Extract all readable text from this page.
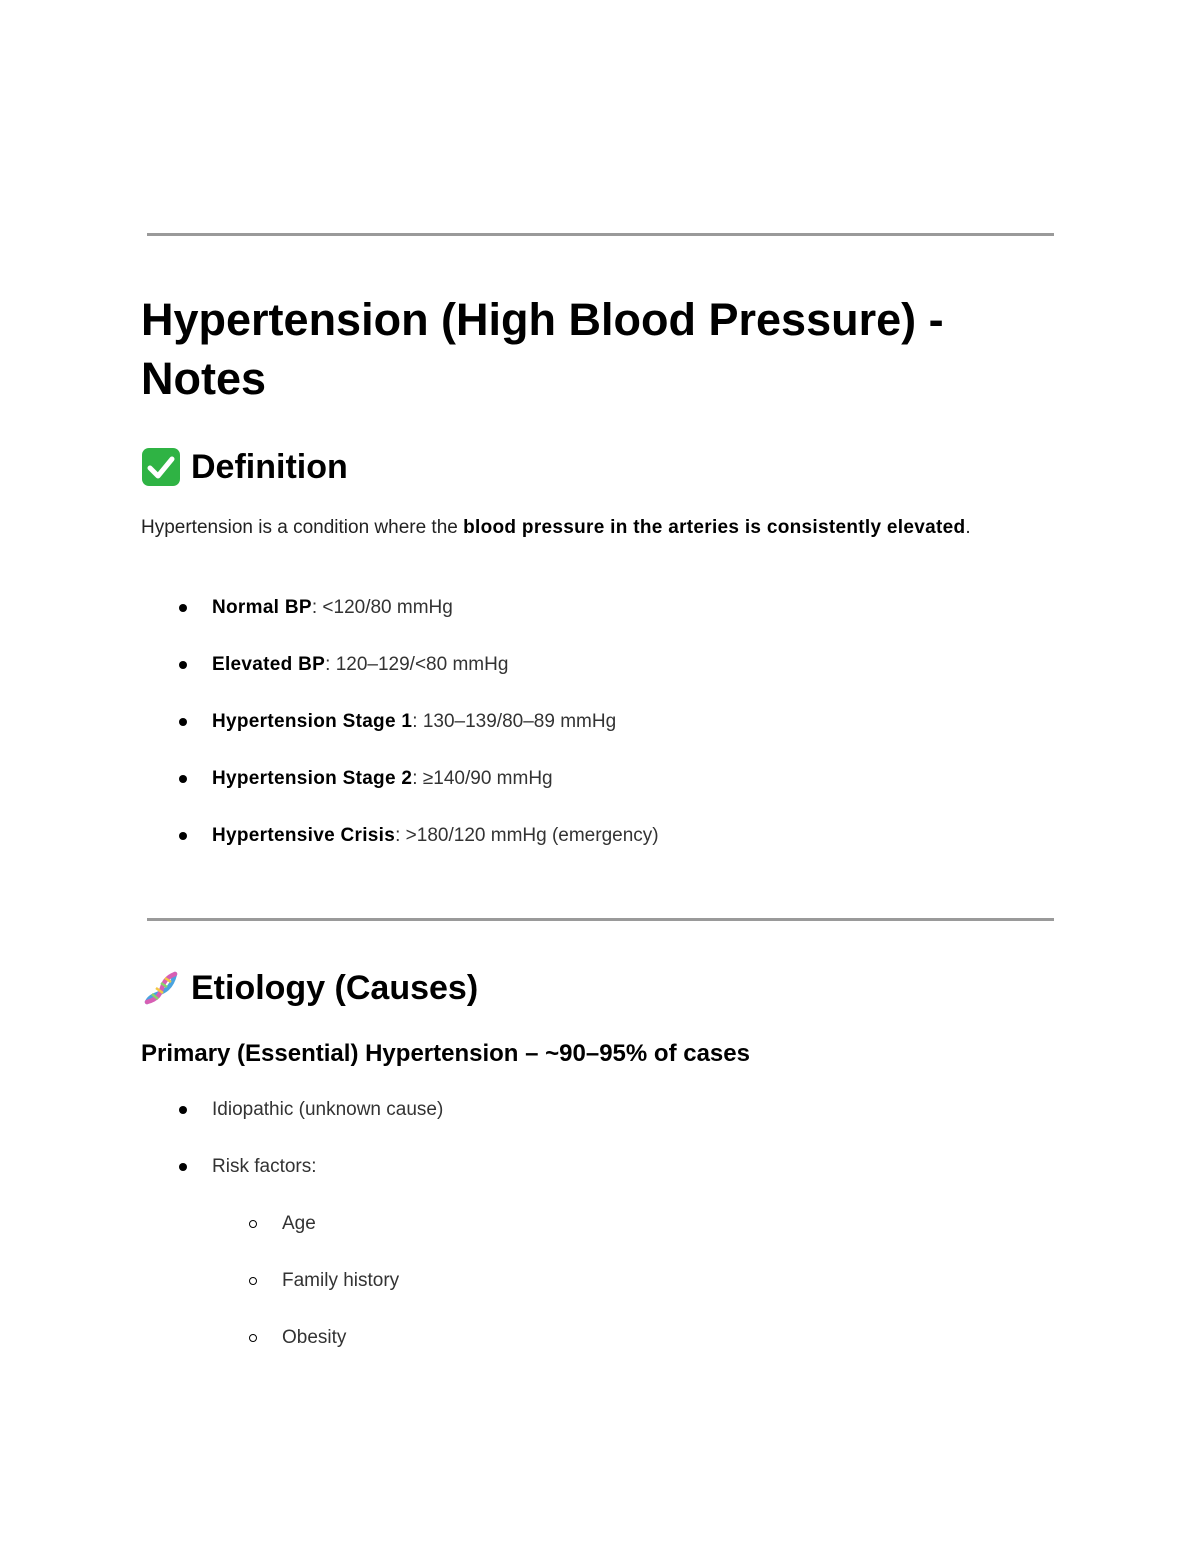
Hypertension (High Blood Pressure) - Notes
Definition

Hypertension is a condition where the blood pressure in the arteries is consistently elevated.

Normal BP: <120/80 mmHg

Elevated BP: 120–129/<80 mmHg

Hypertension Stage 1: 130–139/80–89 mmHg

Hypertension Stage 2: ≥140/90 mmHg

Hypertensive Crisis: >180/120 mmHg (emergency)

Etiology (Causes)
Primary (Essential) Hypertension – ~90–95% of cases

Idiopathic (unknown cause)

Risk factors:

Age

Family history

Obesity
